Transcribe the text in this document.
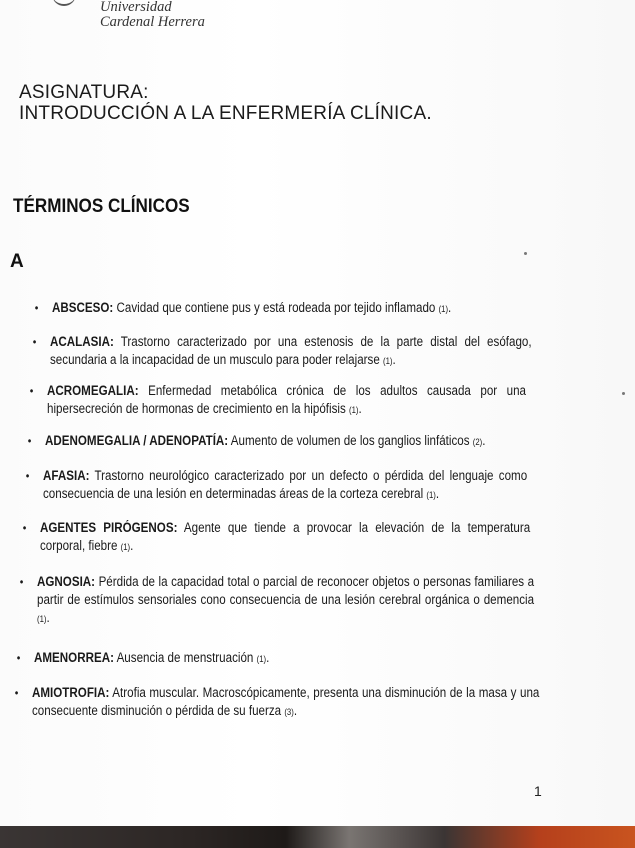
Universidad
Cardenal Herrera
ASIGNATURA:
INTRODUCCIÓN A LA ENFERMERÍA CLÍNICA.
TÉRMINOS CLÍNICOS
A
• ABSCESO: Cavidad que contiene pus y está rodeada por tejido inflamado (1).
• ACALASIA: Trastorno caracterizado por una estenosis de la parte distal del esófago, secundaria a la incapacidad de un musculo para poder relajarse (1).
• ACROMEGALIA: Enfermedad metabólica crónica de los adultos causada por una hipersecreción de hormonas de crecimiento en la hipófisis (1).
• ADENOMEGALIA / ADENOPATÍA: Aumento de volumen de los ganglios linfáticos (2).
• AFASIA: Trastorno neurológico caracterizado por un defecto o pérdida del lenguaje como consecuencia de una lesión en determinadas áreas de la corteza cerebral (1).
• AGENTES PIRÓGENOS: Agente que tiende a provocar la elevación de la temperatura corporal, fiebre (1).
• AGNOSIA: Pérdida de la capacidad total o parcial de reconocer objetos o personas familiares a partir de estímulos sensoriales cono consecuencia de una lesión cerebral orgánica o demencia (1).
• AMENORREA: Ausencia de menstruación (1).
• AMIOTROFIA: Atrofia muscular. Macroscópicamente, presenta una disminución de la masa y una consecuente disminución o pérdida de su fuerza (3).
1
